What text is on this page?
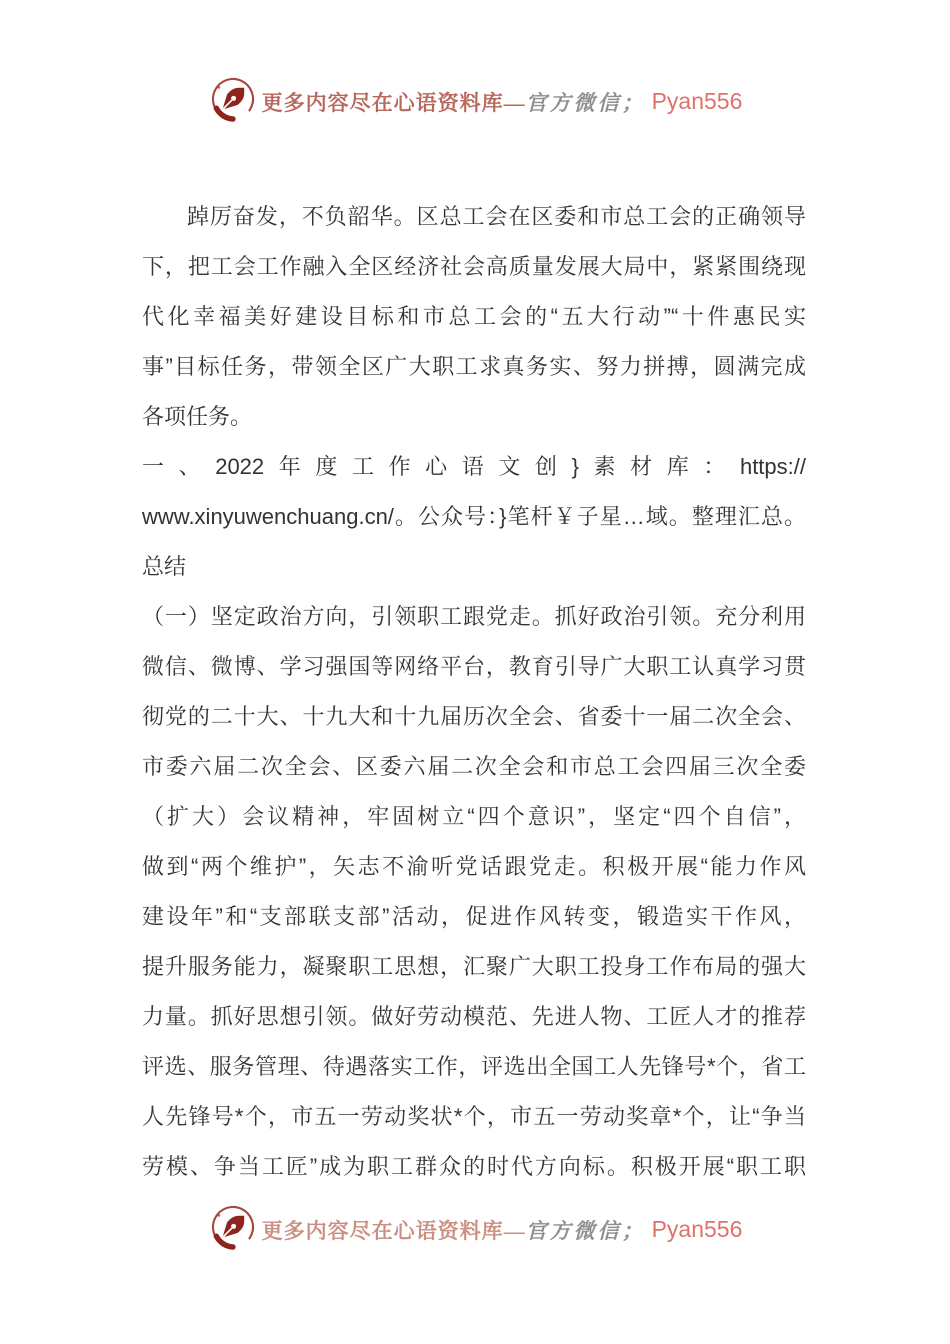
更多内容尽在心语资料库— 官方微信； Pyan556
踔厉奋发，不负韶华。区总工会在区委和市总工会的正确领导
下，把工会工作融入全区经济社会高质量发展大局中，紧紧围绕现
代化幸福美好建设目标和市总工会的“五大行动”“十件惠民实
事”目标任务，带领全区广大职工求真务实、努力拼搏，圆满完成
各项任务。
一、2022年度工作心语文创}素材库：https://
www.xinyuwenchuang.cn/。公众号：}笔杆￥子星…域。整理汇总。
总结
（一）坚定政治方向，引领职工跟党走。抓好政治引领。充分利用
微信、微博、学习强国等网络平台，教育引导广大职工认真学习贯
彻党的二十大、十九大和十九届历次全会、省委十一届二次全会、
市委六届二次全会、区委六届二次全会和市总工会四届三次全委
（扩大）会议精神，牢固树立“四个意识”，坚定“四个自信”，
做到“两个维护”，矢志不渝听党话跟党走。积极开展“能力作风
建设年”和“支部联支部”活动，促进作风转变，锻造实干作风，
提升服务能力，凝聚职工思想，汇聚广大职工投身工作布局的强大
力量。抓好思想引领。做好劳动模范、先进人物、工匠人才的推荐
评选、服务管理、待遇落实工作，评选出全国工人先锋号*个，省工
人先锋号*个，市五一劳动奖状*个，市五一劳动奖章*个，让“争当
劳模、争当工匠”成为职工群众的时代方向标。积极开展“职工职
更多内容尽在心语资料库— 官方微信； Pyan556
